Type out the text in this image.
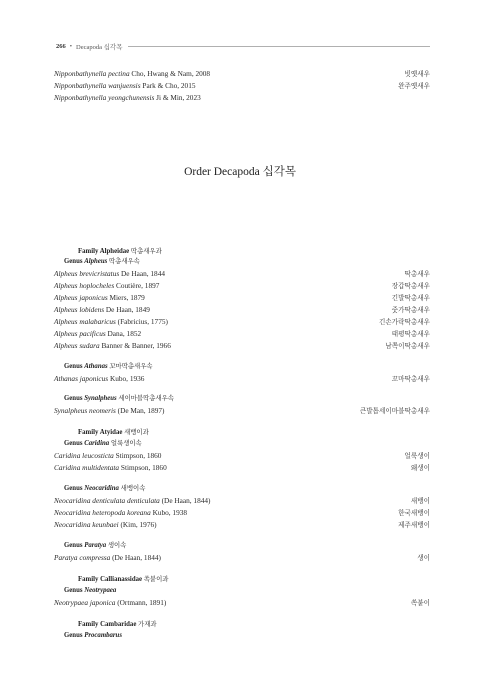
266 • Decapoda 십각목
Nipponbathynella pectina Cho, Hwang & Nam, 2008	빗옛새우
Nipponbathynella wanjuensis Park & Cho, 2015	완주옛새우
Nipponbathynella yeongchunensis Ji & Min, 2023
Order Decapoda 십각목
Family Alpheidae 딱총새우과
Genus Alpheus 딱총새우속
Alpheus brevicristatus De Haan, 1844	딱총새우
Alpheus hoplocheles Coutière, 1897	장갑딱총새우
Alpheus japonicus Miers, 1879	긴발딱총새우
Alpheus lobidens De Haan, 1849	줏가딱총새우
Alpheus malabaricus (Fabricius, 1775)	긴손가락딱총새우
Alpheus pacificus Dana, 1852	태평딱총새우
Alpheus sudara Banner & Banner, 1966	남쪽이딱총새우
Genus Athanas 꼬마딱총새우속
Athanas japonicus Kubo, 1936	꼬마딱총새우
Genus Synalpheus 세이마블딱총새우속
Synalpheus neomeris (De Man, 1897)	큰발톱세이마블딱총새우
Family Atyidae 새뱅이과
Genus Caridina 얼룩생이속
Caridina leucosticta Stimpson, 1860	얼룩생이
Caridina multidentata Stimpson, 1860	왜생이
Genus Neocaridina 새뱅이속
Neocaridina denticulata denticulata (De Haan, 1844)	새뱅이
Neocaridina heteropoda koreana Kubo, 1938	한국새뱅이
Neocaridina keunbaei (Kim, 1976)	제주새뱅이
Genus Paratya 생이속
Paratya compressa (De Haan, 1844)	생이
Family Callianassidae 쏙붙이과
Genus Neotrypaea
Neotrypaea japonica (Ortmann, 1891)	쏙붙이
Family Cambaridae 가재과
Genus Procambarus
